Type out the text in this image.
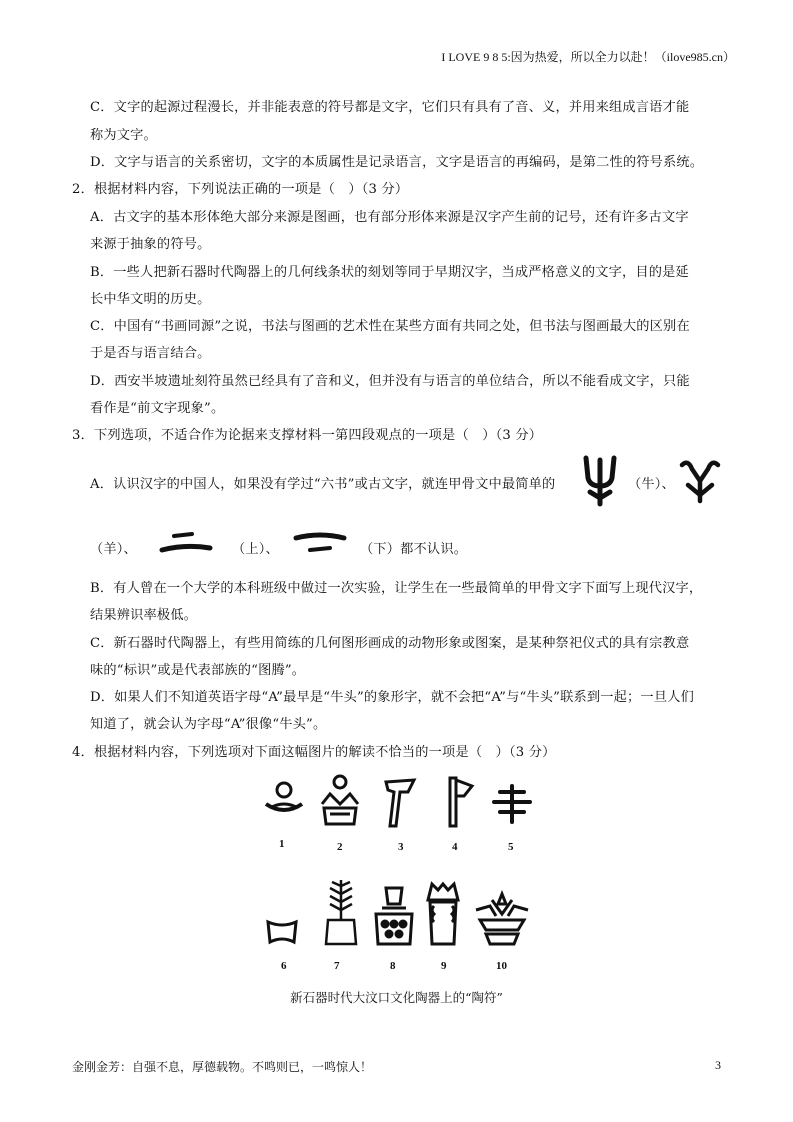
I LOVE 9 8 5:因为热爱，所以全力以赴！（ilove985.cn）
C．文字的起源过程漫长，并非能表意的符号都是文字，它们只有具有了音、义，并用来组成言语才能
称为文字。
D．文字与语言的关系密切，文字的本质属性是记录语言，文字是语言的再编码，是第二性的符号系统。
2．根据材料内容，下列说法正确的一项是（　）（3 分）
A．古文字的基本形体绝大部分来源是图画，也有部分形体来源是汉字产生前的记号，还有许多古文字
来源于抽象的符号。
B．一些人把新石器时代陶器上的几何线条状的刻划等同于早期汉字，当成严格意义的文字，目的是延
长中华文明的历史。
C．中国有“书画同源”之说，书法与图画的艺术性在某些方面有共同之处，但书法与图画最大的区别在
于是否与语言结合。
D．西安半坡遗址刻符虽然已经具有了音和义，但并没有与语言的单位结合，所以不能看成文字，只能
看作是“前文字现象”。
3．下列选项，不适合作为论据来支撑材料一第四段观点的一项是（　）（3 分）
A．认识汉字的中国人，如果没有学过“六书”或古文字，就连甲骨文中最简单的	（牛）、
（羊）、	（上）、	（下）都不认识。
B．有人曾在一个大学的本科班级中做过一次实验，让学生在一些最简单的甲骨文字下面写上现代汉字，
结果辨识率极低。
C．新石器时代陶器上，有些用简练的几何图形画成的动物形象或图案，是某种祭祀仪式的具有宗教意
味的“标识”或是代表部族的“图腾”。
D．如果人们不知道英语字母“A”最早是“牛头”的象形字，就不会把“A”与“牛头”联系到一起；一旦人们
知道了，就会认为字母“A”很像“牛头”。
4．根据材料内容，下列选项对下面这幅图片的解读不恰当的一项是（　）（3 分）
1	2	3	4	5
6	7	8	9	10
新石器时代大汶口文化陶器上的“陶符”
金刚金芳：自强不息，厚德载物。不鸣则已，一鸣惊人！	3
